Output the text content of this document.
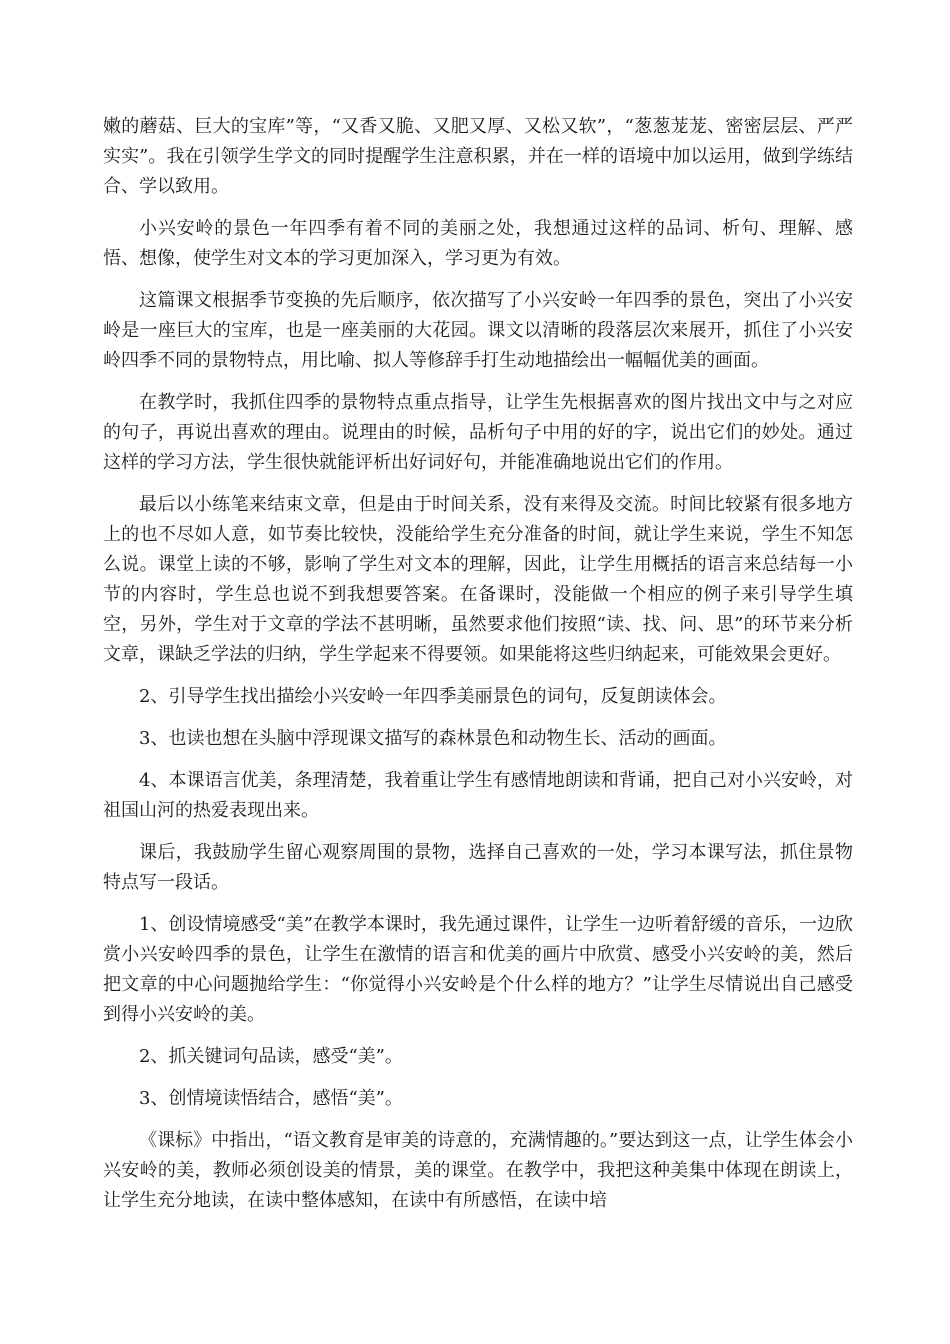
嫩的蘑菇、巨大的宝库”等，“又香又脆、又肥又厚、又松又软”，“葱葱茏茏、密密层层、严严实实”。我在引领学生学文的同时提醒学生注意积累，并在一样的语境中加以运用，做到学练结合、学以致用。

小兴安岭的景色一年四季有着不同的美丽之处，我想通过这样的品词、析句、理解、感悟、想像，使学生对文本的学习更加深入，学习更为有效。

这篇课文根据季节变换的先后顺序，依次描写了小兴安岭一年四季的景色，突出了小兴安岭是一座巨大的宝库，也是一座美丽的大花园。课文以清晰的段落层次来展开，抓住了小兴安岭四季不同的景物特点，用比喻、拟人等修辞手打生动地描绘出一幅幅优美的画面。

在教学时，我抓住四季的景物特点重点指导，让学生先根据喜欢的图片找出文中与之对应的句子，再说出喜欢的理由。说理由的时候，品析句子中用的好的字，说出它们的妙处。通过这样的学习方法，学生很快就能评析出好词好句，并能准确地说出它们的作用。

最后以小练笔来结束文章，但是由于时间关系，没有来得及交流。时间比较紧有很多地方上的也不尽如人意，如节奏比较快，没能给学生充分准备的时间，就让学生来说，学生不知怎么说。课堂上读的不够，影响了学生对文本的理解，因此，让学生用概括的语言来总结每一小节的内容时，学生总也说不到我想要答案。在备课时，没能做一个相应的例子来引导学生填空，另外，学生对于文章的学法不甚明晰，虽然要求他们按照“读、找、问、思”的环节来分析文章，课缺乏学法的归纳，学生学起来不得要领。如果能将这些归纳起来，可能效果会更好。

2、引导学生找出描绘小兴安岭一年四季美丽景色的词句，反复朗读体会。

3、也读也想在头脑中浮现课文描写的森林景色和动物生长、活动的画面。

4、本课语言优美，条理清楚，我着重让学生有感情地朗读和背诵，把自己对小兴安岭，对祖国山河的热爱表现出来。

课后，我鼓励学生留心观察周围的景物，选择自己喜欢的一处，学习本课写法，抓住景物特点写一段话。

1、创设情境感受“美”在教学本课时，我先通过课件，让学生一边听着舒缓的音乐，一边欣赏小兴安岭四季的景色，让学生在激情的语言和优美的画片中欣赏、感受小兴安岭的美，然后把文章的中心问题抛给学生：“你觉得小兴安岭是个什么样的地方？”让学生尽情说出自己感受到得小兴安岭的美。

2、抓关键词句品读，感受“美”。

3、创情境读悟结合，感悟“美”。

《课标》中指出，“语文教育是审美的诗意的，充满情趣的。”要达到这一点，让学生体会小兴安岭的美，教师必须创设美的情景，美的课堂。在教学中，我把这种美集中体现在朗读上，让学生充分地读，在读中整体感知，在读中有所感悟，在读中培
